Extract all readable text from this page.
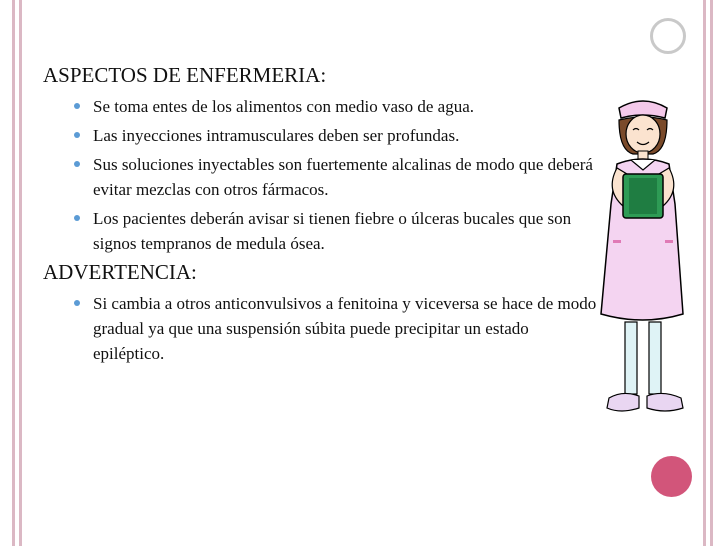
ASPECTOS DE ENFERMERIA:

Se toma entes de los alimentos con medio vaso de agua.
Las inyecciones intramusculares deben ser profundas.
Sus soluciones inyectables son fuertemente alcalinas de modo que deberá evitar mezclas con otros fármacos.
Los pacientes deberán avisar si tienen fiebre o úlceras bucales que son signos tempranos de medula ósea.

ADVERTENCIA:

Si cambia a otros anticonvulsivos a fenitoina y viceversa se hace de modo gradual ya que una suspensión súbita puede precipitar un estado epiléptico.
